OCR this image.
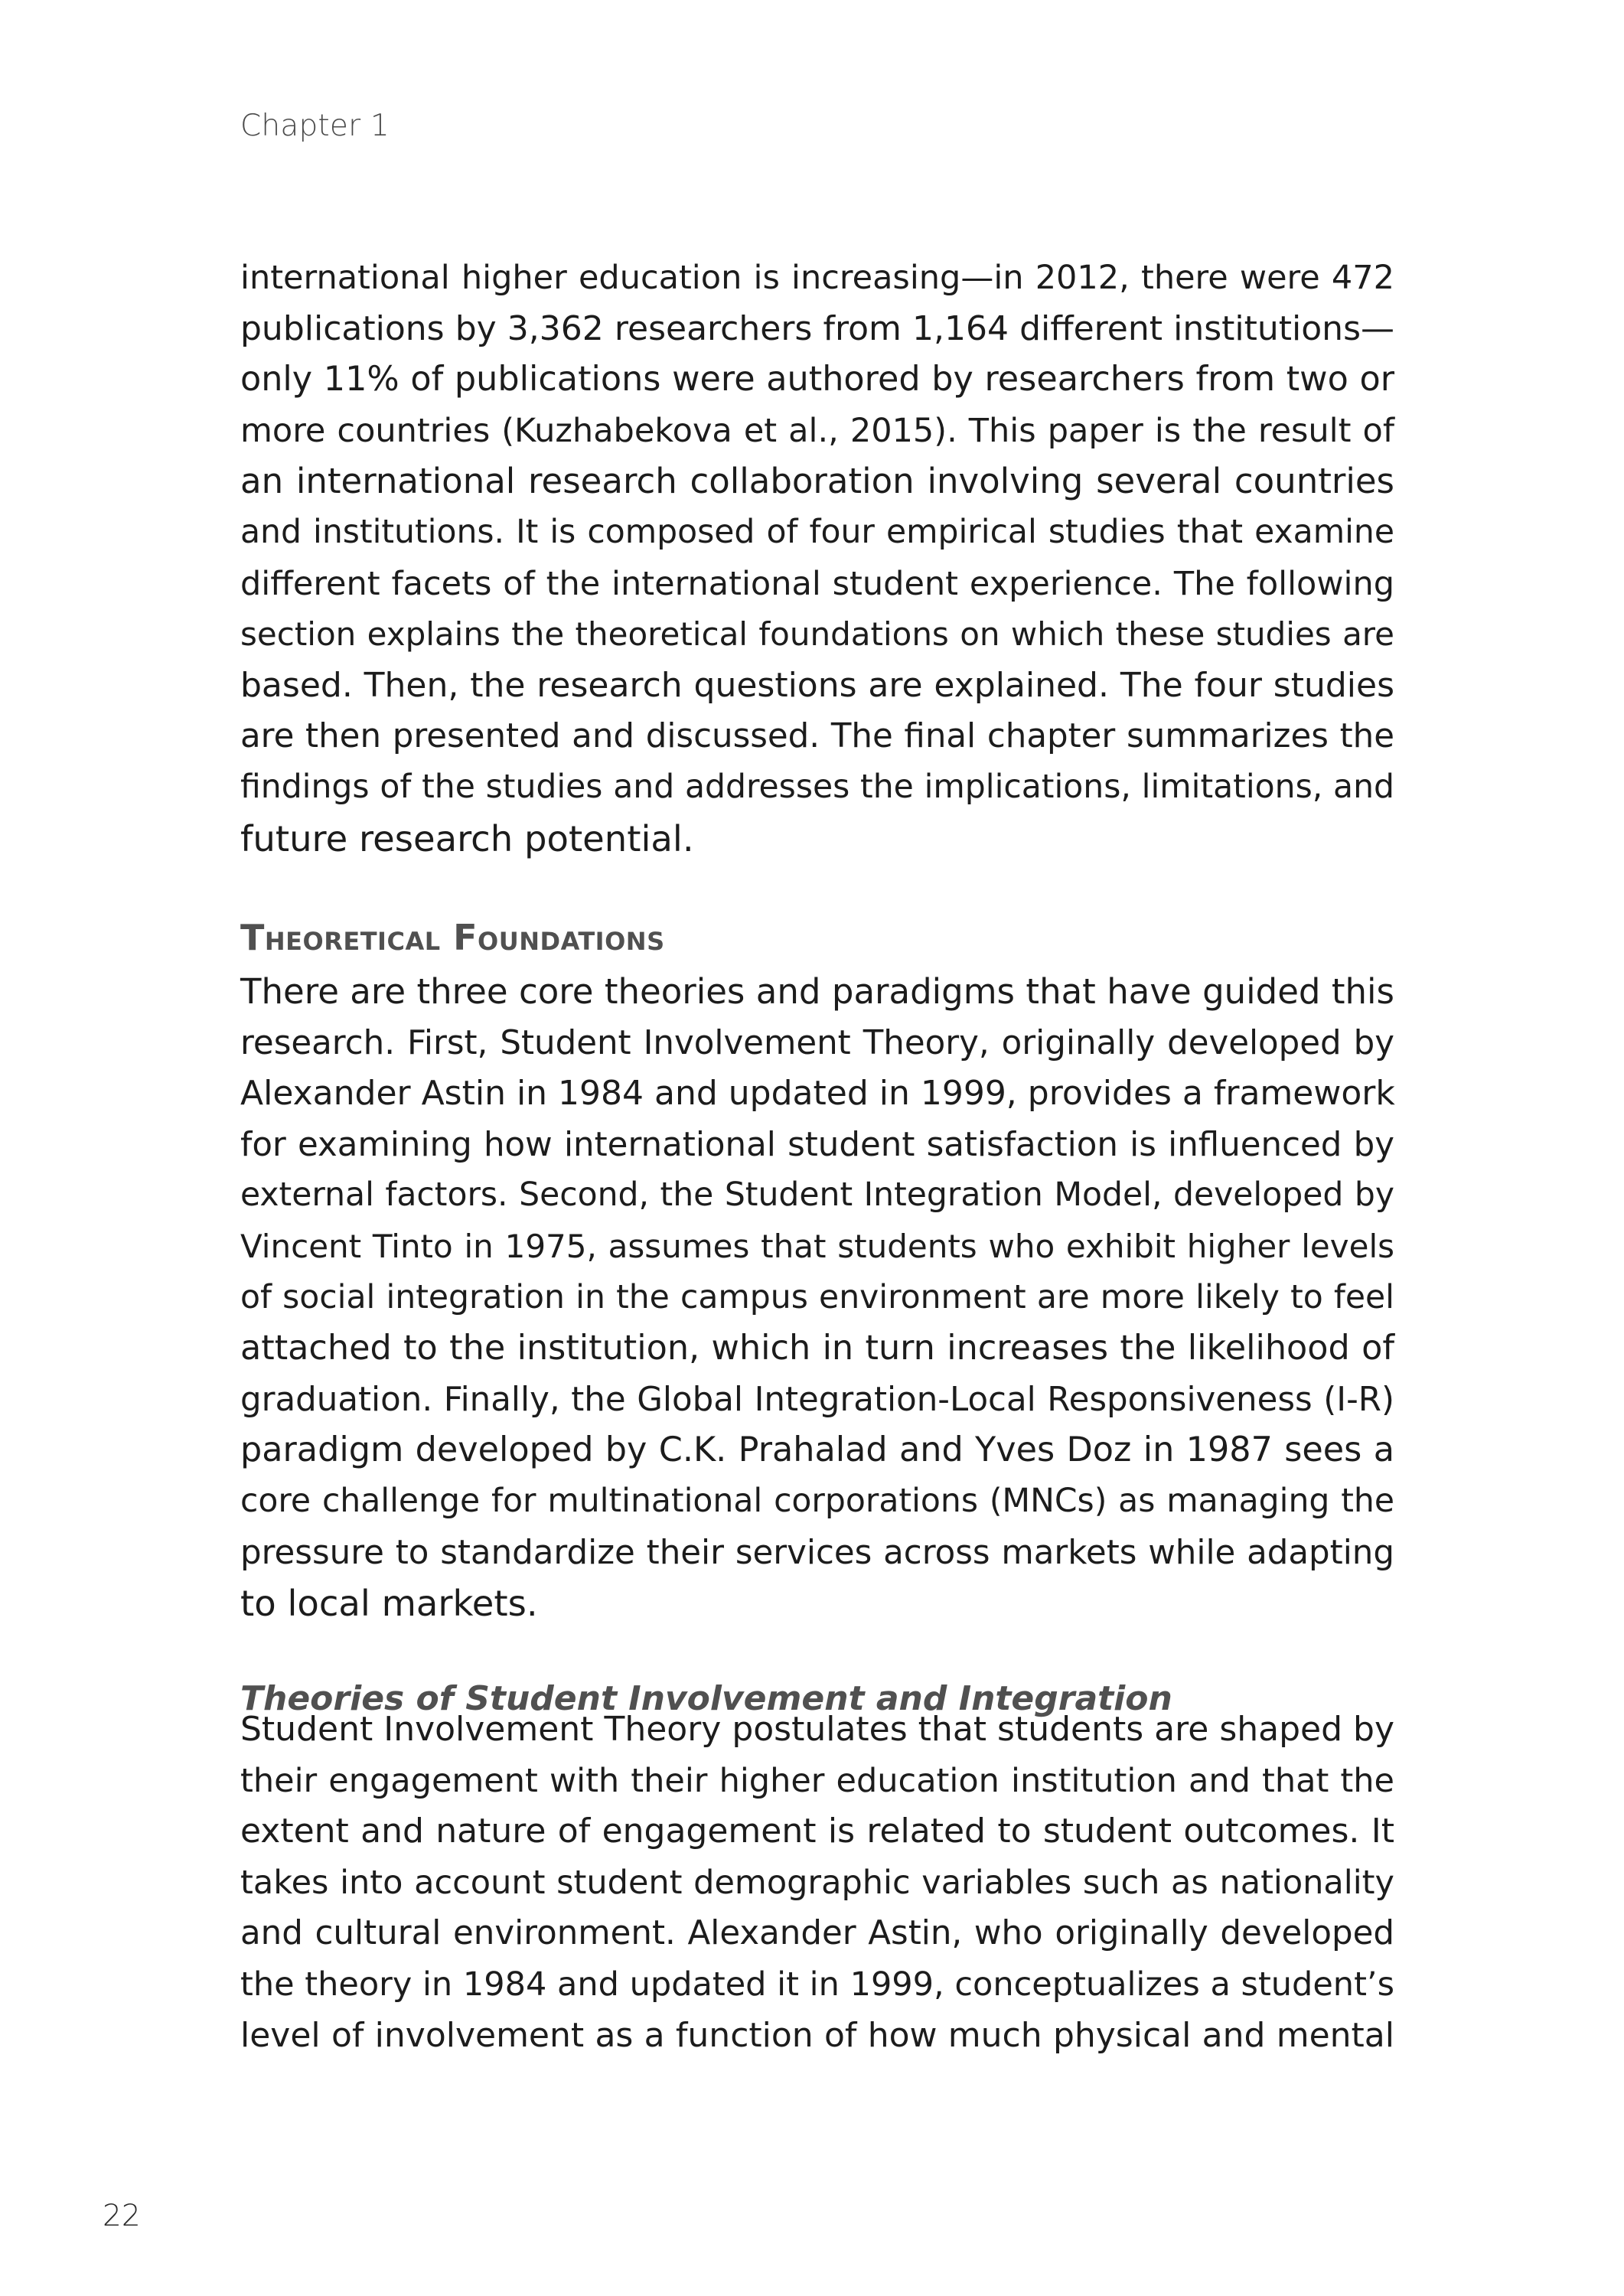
Chapter 1
international higher education is increasing—in 2012, there were 472
publications by 3,362 researchers from 1,164 different institutions—
only 11% of publications were authored by researchers from two or
more countries (Kuzhabekova et al., 2015). This paper is the result of
an international research collaboration involving several countries
and institutions. It is composed of four empirical studies that examine
different facets of the international student experience. The following
section explains the theoretical foundations on which these studies are
based. Then, the research questions are explained. The four studies
are then presented and discussed. The final chapter summarizes the
findings of the studies and addresses the implications, limitations, and
future research potential.
Theoretical Foundations
There are three core theories and paradigms that have guided this
research. First, Student Involvement Theory, originally developed by
Alexander Astin in 1984 and updated in 1999, provides a framework
for examining how international student satisfaction is influenced by
external factors. Second, the Student Integration Model, developed by
Vincent Tinto in 1975, assumes that students who exhibit higher levels
of social integration in the campus environment are more likely to feel
attached to the institution, which in turn increases the likelihood of
graduation. Finally, the Global Integration-Local Responsiveness (I-R)
paradigm developed by C.K. Prahalad and Yves Doz in 1987 sees a
core challenge for multinational corporations (MNCs) as managing the
pressure to standardize their services across markets while adapting
to local markets.
Theories of Student Involvement and Integration
Student Involvement Theory postulates that students are shaped by
their engagement with their higher education institution and that the
extent and nature of engagement is related to student outcomes. It
takes into account student demographic variables such as nationality
and cultural environment. Alexander Astin, who originally developed
the theory in 1984 and updated it in 1999, conceptualizes a student’s
level of involvement as a function of how much physical and mental
22
